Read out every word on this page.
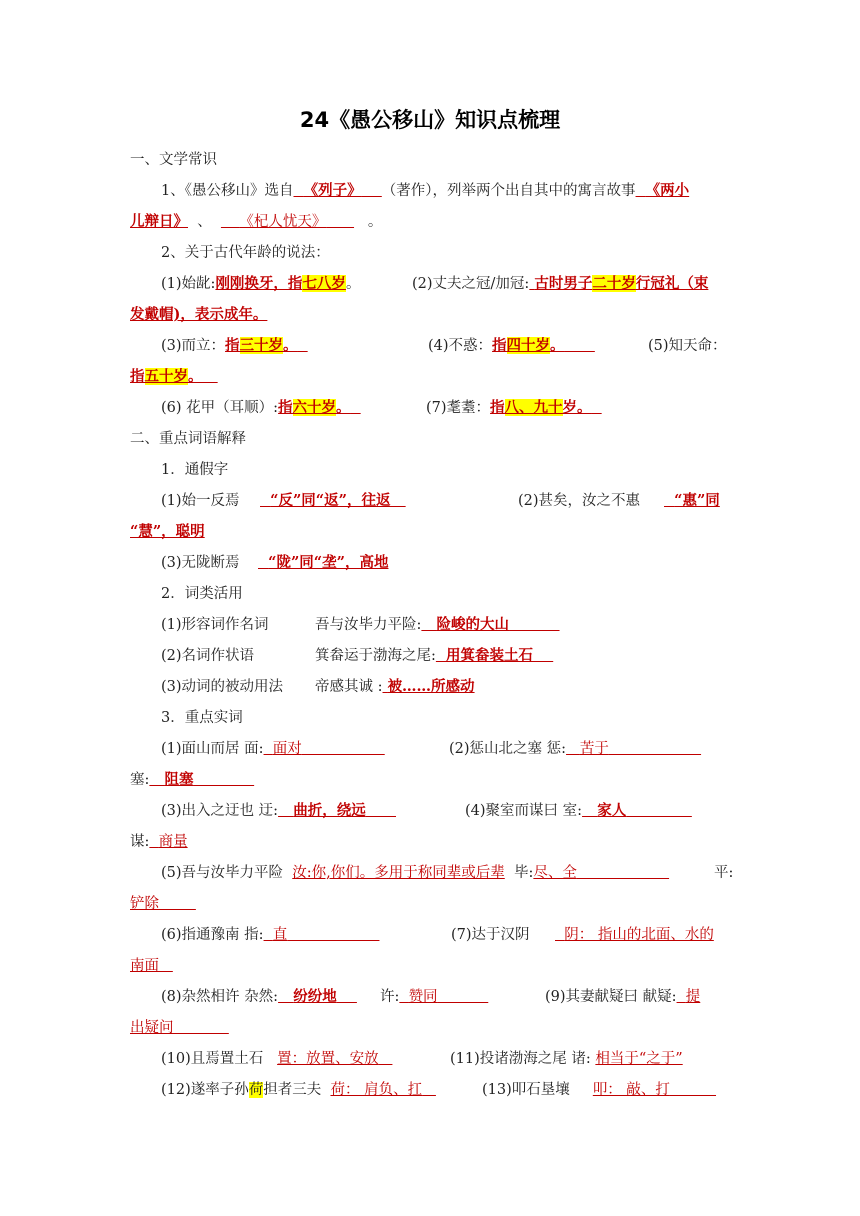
24《愚公移山》知识点梳理
一、文学常识
1、《愚公移山》选自 《列子》 （著作），列举两个出自其中的寓言故事 《两小
儿辩日》 、 《杞人忧天》	。
2、关于古代年龄的说法：
(1)始龀:刚刚换牙，指七八岁。	(2)丈夫之冠/加冠: 古时男子二十岁行冠礼（束
发戴帽)，表示成年。
(3)而立：指三十岁。	(4)不惑：指四十岁。	(5)知天命：
指五十岁。
(6) 花甲（耳顺）:指六十岁。	(7)耄耋：指八、九十岁。
二、重点词语解释
1．通假字
(1)始一反焉	“反”同“返”，往返	(2)甚矣，汝之不惠	“惠”同
“慧”，聪明
(3)无陇断焉	“陇”同“垄”，高地
2．词类活用
(1)形容词作名词	吾与汝毕力平险: 险峻的大山
(2)名词作状语	箕畚运于渤海之尾: 用箕畚装土石
(3)动词的被动用法 帝感其诚 : 被……所感动
3．重点实词
(1)面山而居 面: 面对	(2)惩山北之塞 惩: 苦于
塞: 阻塞
(3)出入之迂也 迂: 曲折，绕远	(4)聚室而谋曰 室: 家人
谋: 商量
(5)吾与汝毕力平险 汝:你,你们。多用于称同辈或后辈 毕:尽、全	平:
铲除
(6)指通豫南 指: 直	(7)达于汉阴	阴： 指山的北面、水的
南面
(8)杂然相许 杂然: 纷纷地	许: 赞同	(9)其妻献疑曰 献疑: 提
出疑问
(10)且焉置土石 置：放置、安放	(11)投诸渤海之尾 诸: 相当于“之于”
(12)遂率子孙荷担者三夫 荷： 肩负、扛	(13)叩石垦壤 叩： 敲、打
